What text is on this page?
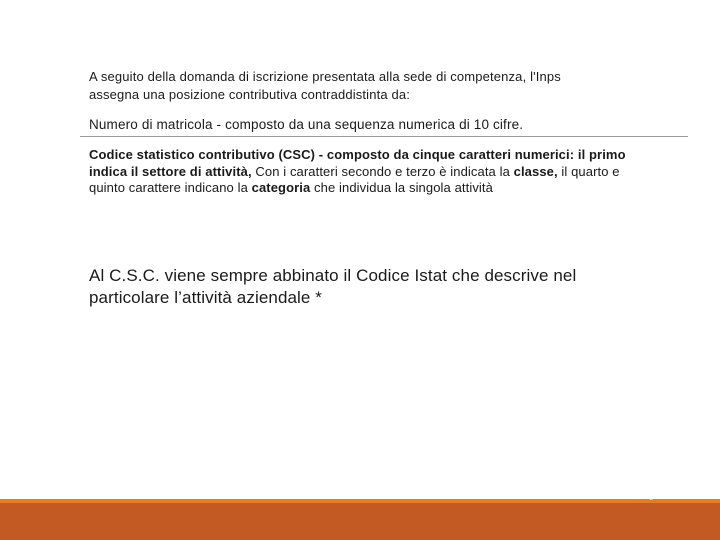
A seguito della domanda di iscrizione presentata alla sede di competenza, l'Inps
assegna una posizione contributiva contraddistinta da:
Numero di matricola - composto da una sequenza numerica di 10 cifre.
Codice statistico contributivo (CSC) - composto da cinque caratteri numerici: il primo indica il settore di attività, Con i caratteri secondo e terzo è indicata la classe, il quarto e quinto carattere indicano la categoria che individua la singola attività
Al C.S.C. viene sempre abbinato il Codice Istat che descrive nel particolare l’attività aziendale *
Inquadramento aziendale	RIMINI , 18 APRILE 2018
8
